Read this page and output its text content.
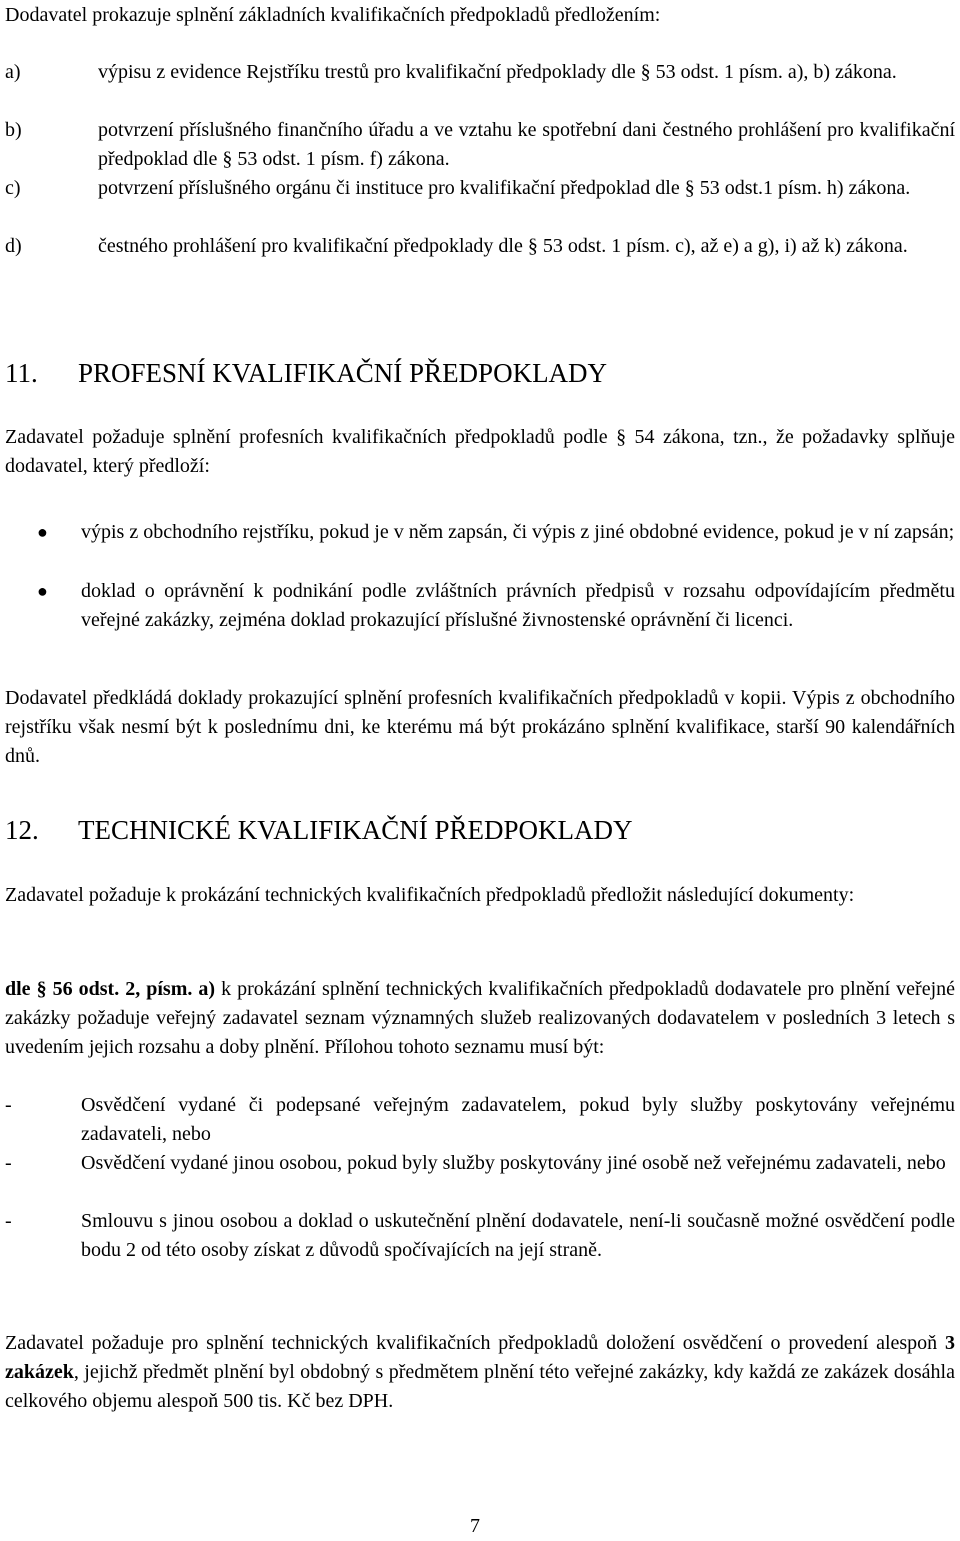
Dodavatel prokazuje splnění základních kvalifikačních předpokladů předložením:

a)	výpisu z evidence Rejstříku trestů pro kvalifikační předpoklady dle § 53 odst. 1 písm. a), b) zákona.
b)	potvrzení příslušného finančního úřadu a ve vztahu ke spotřební dani čestného prohlášení pro kvalifikační předpoklad dle § 53 odst. 1 písm. f) zákona.
c)	potvrzení příslušného orgánu či instituce pro kvalifikační předpoklad dle § 53 odst.1 písm. h) zákona.
d)	čestného prohlášení pro kvalifikační předpoklady dle § 53 odst. 1 písm. c), až e) a g), i) až k) zákona.
11. PROFESNÍ KVALIFIKAČNÍ PŘEDPOKLADY

Zadavatel požaduje splnění profesních kvalifikačních předpokladů podle § 54 zákona, tzn., že požadavky splňuje dodavatel, který předloží:

● výpis z obchodního rejstříku, pokud je v něm zapsán, či výpis z jiné obdobné evidence, pokud je v ní zapsán;
● doklad o oprávnění k podnikání podle zvláštních právních předpisů v rozsahu odpovídajícím předmětu veřejné zakázky, zejména doklad prokazující příslušné živnostenské oprávnění či licenci.

Dodavatel předkládá doklady prokazující splnění profesních kvalifikačních předpokladů v kopii. Výpis z obchodního rejstříku však nesmí být k poslednímu dni, ke kterému má být prokázáno splnění kvalifikace, starší 90 kalendářních dnů.

12. TECHNICKÉ KVALIFIKAČNÍ PŘEDPOKLADY

Zadavatel požaduje k prokázání technických kvalifikačních předpokladů předložit následující dokumenty:

dle § 56 odst. 2, písm. a) k prokázání splnění technických kvalifikačních předpokladů dodavatele pro plnění veřejné zakázky požaduje veřejný zadavatel seznam významných služeb realizovaných dodavatelem v posledních 3 letech s uvedením jejich rozsahu a doby plnění. Přílohou tohoto seznamu musí být:

-	Osvědčení vydané či podepsané veřejným zadavatelem, pokud byly služby poskytovány veřejnému zadavateli, nebo
-	Osvědčení vydané jinou osobou, pokud byly služby poskytovány jiné osobě než veřejnému zadavateli, nebo
-	Smlouvu s jinou osobou a doklad o uskutečnění plnění dodavatele, není-li současně možné osvědčení podle bodu 2 od této osoby získat z důvodů spočívajících na její straně.

Zadavatel požaduje pro splnění technických kvalifikačních předpokladů doložení osvědčení o provedení alespoň 3 zakázek, jejichž předmět plnění byl obdobný s předmětem plnění této veřejné zakázky, kdy každá ze zakázek dosáhla celkového objemu alespoň 500 tis. Kč bez DPH.

7
